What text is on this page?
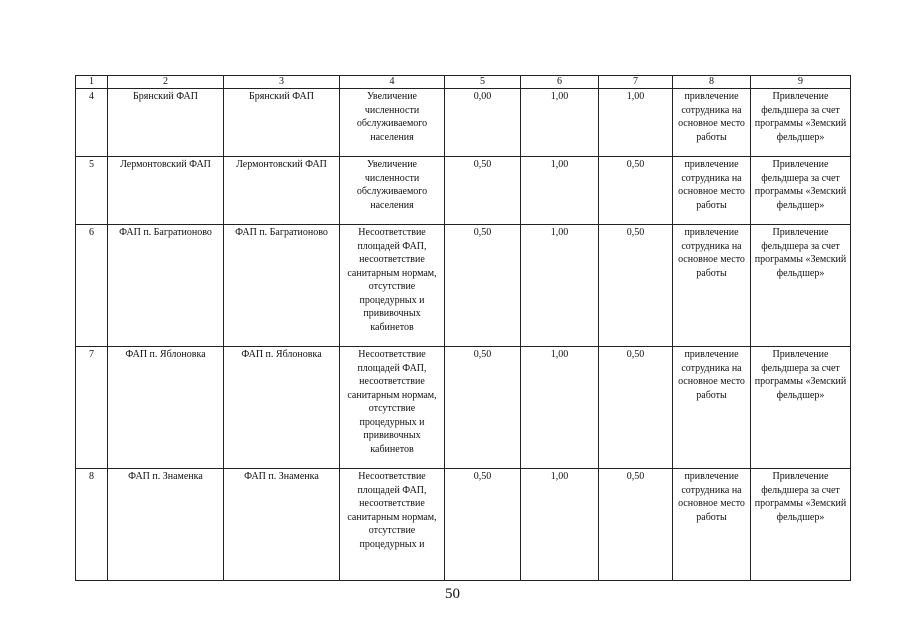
1	2	3	4	5	6	7	8	9
4	Брянский ФАП	Брянский ФАП	Увеличение численности обслуживаемого населения	0,00	1,00	1,00	привлечение сотрудника на основное место работы	Привлечение фельдшера за счет программы «Земский фельдшер»
5	Лермонтовский ФАП	Лермонтовский ФАП	Увеличение численности обслуживаемого населения	0,50	1,00	0,50	привлечение сотрудника на основное место работы	Привлечение фельдшера за счет программы «Земский фельдшер»
6	ФАП п. Багратионово	ФАП п. Багратионово	Несоответствие площадей ФАП, несоответствие санитарным нормам, отсутствие процедурных и прививочных кабинетов	0,50	1,00	0,50	привлечение сотрудника на основное место работы	Привлечение фельдшера за счет программы «Земский фельдшер»
7	ФАП п. Яблоновка	ФАП п. Яблоновка	Несоответствие площадей ФАП, несоответствие санитарным нормам, отсутствие процедурных и прививочных кабинетов	0,50	1,00	0,50	привлечение сотрудника на основное место работы	Привлечение фельдшера за счет программы «Земский фельдшер»
8	ФАП п. Знаменка	ФАП п. Знаменка	Несоответствие площадей ФАП, несоответствие санитарным нормам, отсутствие процедурных и	0,50	1,00	0,50	привлечение сотрудника на основное место работы	Привлечение фельдшера за счет программы «Земский фельдшер»
50
